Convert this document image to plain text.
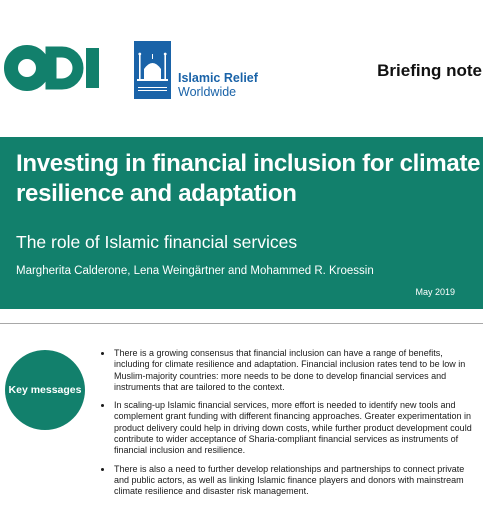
Islamic Relief
Worldwide
Briefing note
Investing in financial inclusion for climate resilience and adaptation
The role of Islamic financial services
Margherita Calderone, Lena Weingärtner and Mohammed R. Kroessin
May 2019
Key messages
There is a growing consensus that financial inclusion can have a range of benefits, including for climate resilience and adaptation. Financial inclusion rates tend to be low in Muslim-majority countries: more needs to be done to develop financial services and instruments that are tailored to the context.
In scaling-up Islamic financial services, more effort is needed to identify new tools and complement grant funding with different financing approaches. Greater experimentation in product delivery could help in driving down costs, while further product development could contribute to wider acceptance of Sharia-compliant financial services as instruments of financial inclusion and resilience.
There is also a need to further develop relationships and partnerships to connect private and public actors, as well as linking Islamic finance players and donors with mainstream climate resilience and disaster risk management.
